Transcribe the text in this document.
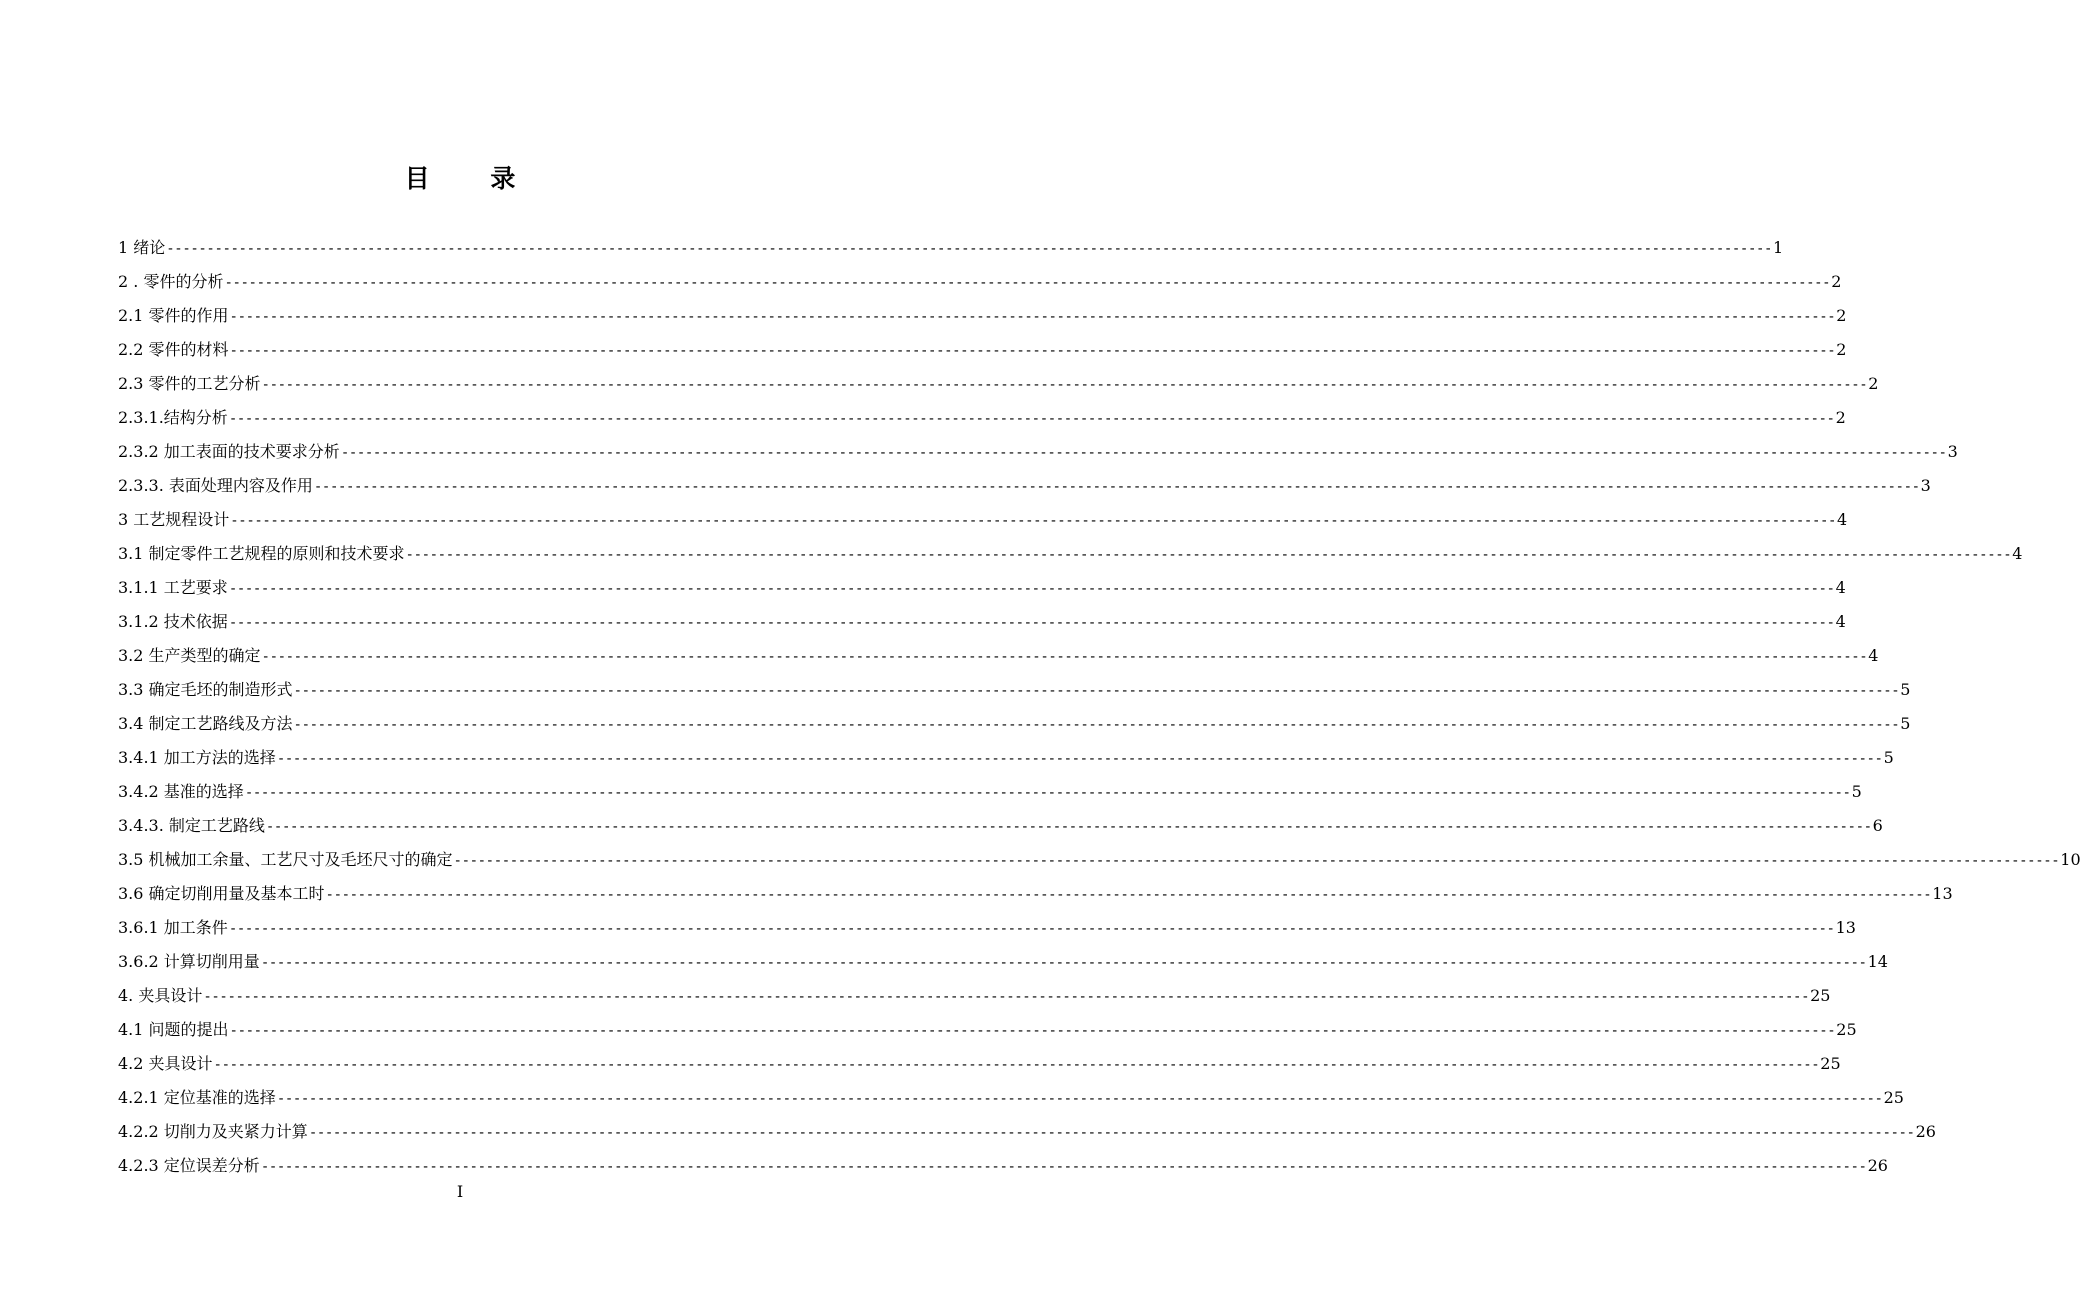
目 录
1 绪论 -------------------------------------------------------------------------------------------------------------------------------------------------------------------------------------------------------- 1
2 . 零件的分析 -------------------------------------------------------------------------------------------------------------------------------------------------------------------------------------------------------- 2
2.1 零件的作用 -------------------------------------------------------------------------------------------------------------------------------------------------------------------------------------------------------- 2
2.2 零件的材料 -------------------------------------------------------------------------------------------------------------------------------------------------------------------------------------------------------- 2
2.3 零件的工艺分析 -------------------------------------------------------------------------------------------------------------------------------------------------------------------------------------------------------- 2
2.3.1.结构分析 -------------------------------------------------------------------------------------------------------------------------------------------------------------------------------------------------------- 2
2.3.2 加工表面的技术要求分析 -------------------------------------------------------------------------------------------------------------------------------------------------------------------------------------------------------- 3
2.3.3. 表面处理内容及作用 -------------------------------------------------------------------------------------------------------------------------------------------------------------------------------------------------------- 3
3 工艺规程设计 -------------------------------------------------------------------------------------------------------------------------------------------------------------------------------------------------------- 4
3.1 制定零件工艺规程的原则和技术要求 -------------------------------------------------------------------------------------------------------------------------------------------------------------------------------------------------------- 4
3.1.1 工艺要求 -------------------------------------------------------------------------------------------------------------------------------------------------------------------------------------------------------- 4
3.1.2 技术依据 -------------------------------------------------------------------------------------------------------------------------------------------------------------------------------------------------------- 4
3.2 生产类型的确定 -------------------------------------------------------------------------------------------------------------------------------------------------------------------------------------------------------- 4
3.3 确定毛坯的制造形式 -------------------------------------------------------------------------------------------------------------------------------------------------------------------------------------------------------- 5
3.4 制定工艺路线及方法 -------------------------------------------------------------------------------------------------------------------------------------------------------------------------------------------------------- 5
3.4.1 加工方法的选择 -------------------------------------------------------------------------------------------------------------------------------------------------------------------------------------------------------- 5
3.4.2 基准的选择 -------------------------------------------------------------------------------------------------------------------------------------------------------------------------------------------------------- 5
3.4.3. 制定工艺路线 -------------------------------------------------------------------------------------------------------------------------------------------------------------------------------------------------------- 6
3.5 机械加工余量、工艺尺寸及毛坯尺寸的确定 -------------------------------------------------------------------------------------------------------------------------------------------------------------------------------------------------------- 10
3.6 确定切削用量及基本工时 -------------------------------------------------------------------------------------------------------------------------------------------------------------------------------------------------------- 13
3.6.1 加工条件 -------------------------------------------------------------------------------------------------------------------------------------------------------------------------------------------------------- 13
3.6.2 计算切削用量 -------------------------------------------------------------------------------------------------------------------------------------------------------------------------------------------------------- 14
4. 夹具设计 -------------------------------------------------------------------------------------------------------------------------------------------------------------------------------------------------------- 25
4.1 问题的提出 -------------------------------------------------------------------------------------------------------------------------------------------------------------------------------------------------------- 25
4.2 夹具设计 -------------------------------------------------------------------------------------------------------------------------------------------------------------------------------------------------------- 25
4.2.1 定位基准的选择 -------------------------------------------------------------------------------------------------------------------------------------------------------------------------------------------------------- 25
4.2.2 切削力及夹紧力计算 -------------------------------------------------------------------------------------------------------------------------------------------------------------------------------------------------------- 26
4.2.3 定位误差分析 -------------------------------------------------------------------------------------------------------------------------------------------------------------------------------------------------------- 26
I
